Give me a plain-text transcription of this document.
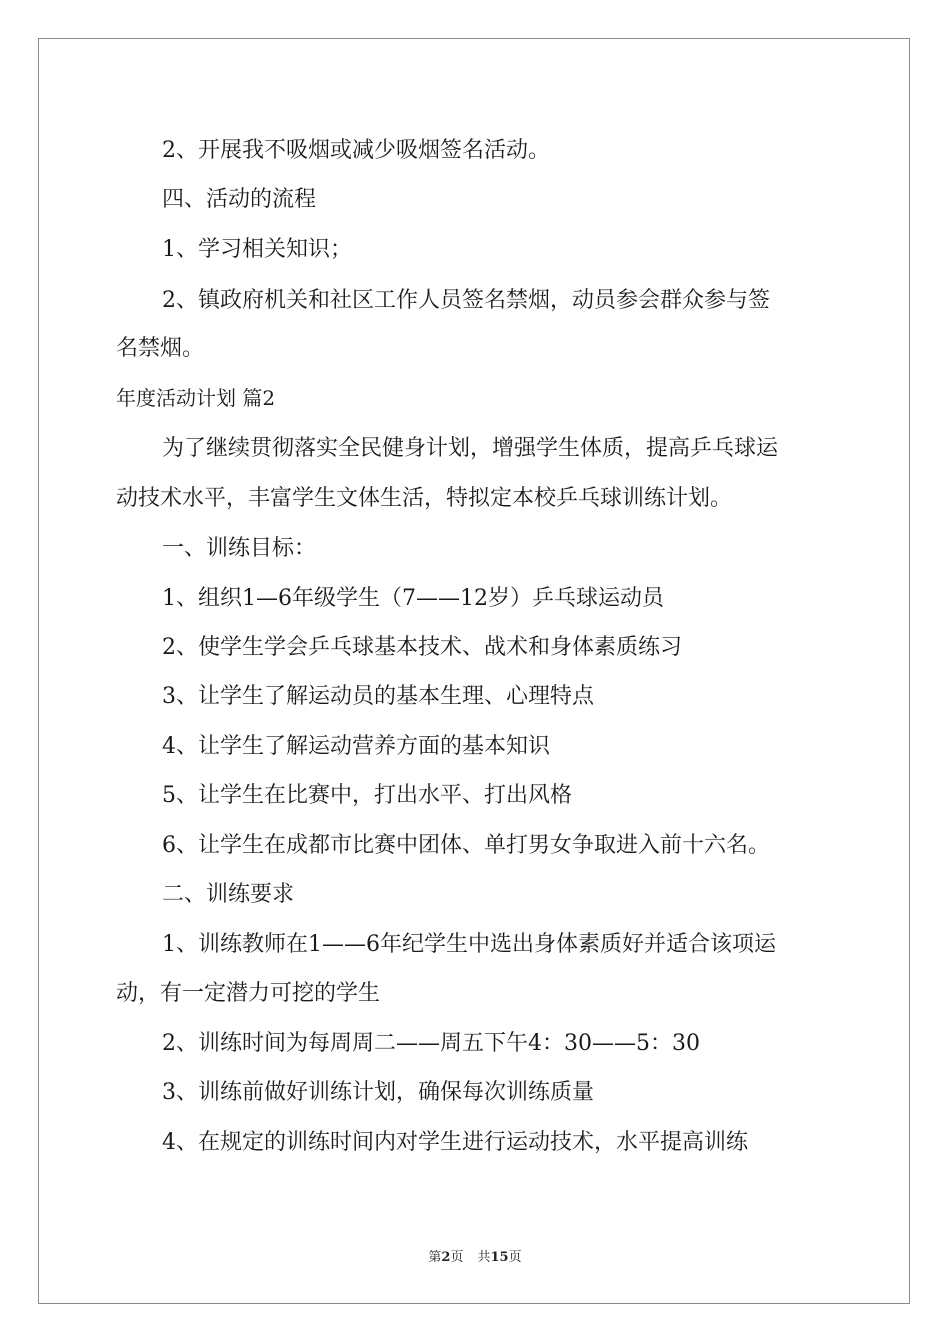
2、开展我不吸烟或减少吸烟签名活动。
四、活动的流程
1、学习相关知识；
2、镇政府机关和社区工作人员签名禁烟，动员参会群众参与签
名禁烟。
年度活动计划 篇2
为了继续贯彻落实全民健身计划，增强学生体质，提高乒乓球运
动技术水平，丰富学生文体生活，特拟定本校乒乓球训练计划。
一、训练目标：
1、组织1—6年级学生（7——12岁）乒乓球运动员
2、使学生学会乒乓球基本技术、战术和身体素质练习
3、让学生了解运动员的基本生理、心理特点
4、让学生了解运动营养方面的基本知识
5、让学生在比赛中，打出水平、打出风格
6、让学生在成都市比赛中团体、单打男女争取进入前十六名。
二、训练要求
1、训练教师在1——6年纪学生中选出身体素质好并适合该项运
动，有一定潜力可挖的学生
2、训练时间为每周周二——周五下午4：30——5：30
3、训练前做好训练计划，确保每次训练质量
4、在规定的训练时间内对学生进行运动技术，水平提高训练
第2页 共15页
